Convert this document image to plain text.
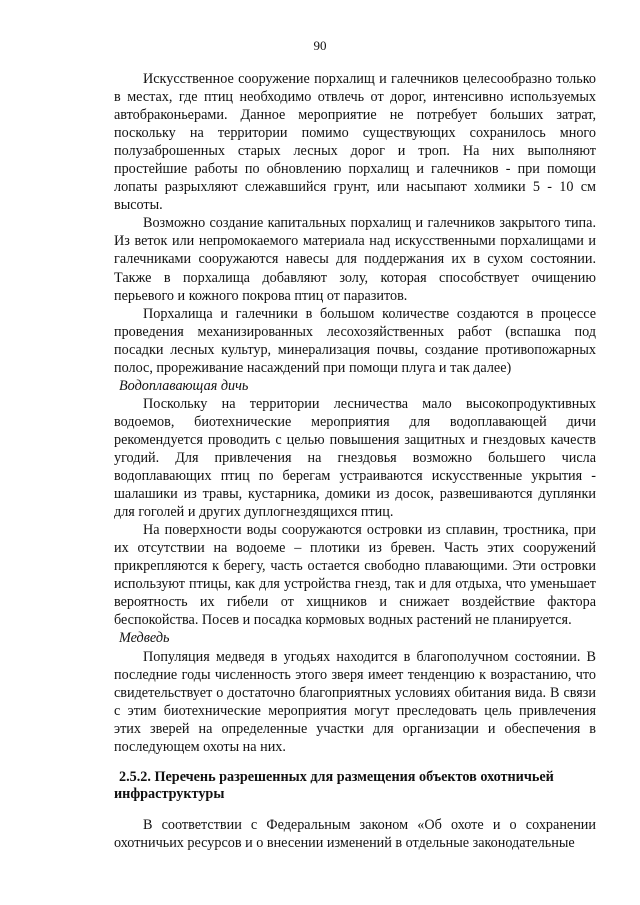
90

Искусственное сооружение порхалищ и галечников целесообразно только в местах, где птиц необходимо отвлечь от дорог, интенсивно используемых автобраконьерами. Данное мероприятие не потребует больших затрат, поскольку на территории помимо существующих сохранилось много полузаброшенных старых лесных дорог и троп. На них выполняют простейшие работы по обновлению порхалищ и галечников - при помощи лопаты разрыхляют слежавшийся грунт, или насыпают холмики 5 - 10 см высоты.

Возможно создание капитальных порхалищ и галечников закрытого типа. Из веток или непромокаемого материала над искусственными порхалищами и галечниками сооружаются навесы для поддержания их в сухом состоянии. Также в порхалища добавляют золу, которая способствует очищению перьевого и кожного покрова птиц от паразитов.

Порхалища и галечники в большом количестве создаются в процессе проведения механизированных лесохозяйственных работ (вспашка под посадки лесных культур, минерализация почвы, создание противопожарных полос, прореживание насаждений при помощи плуга и так далее)

Водоплавающая дичь

Поскольку на территории лесничества мало высокопродуктивных водоемов, биотехнические мероприятия для водоплавающей дичи рекомендуется проводить с целью повышения защитных и гнездовых качеств угодий. Для привлечения на гнездовья возможно большего числа водоплавающих птиц по берегам устраиваются искусственные укрытия - шалашики из травы, кустарника, домики из досок, развешиваются дуплянки для гоголей и других дуплогнездящихся птиц.

На поверхности воды сооружаются островки из сплавин, тростника, при их отсутствии на водоеме – плотики из бревен. Часть этих сооружений прикрепляются к берегу, часть остается свободно плавающими. Эти островки используют птицы, как для устройства гнезд, так и для отдыха, что уменьшает вероятность их гибели от хищников и снижает воздействие фактора беспокойства. Посев и посадка кормовых водных растений не планируется.

Медведь

Популяция медведя в угодьях находится в благополучном состоянии. В последние годы численность этого зверя имеет тенденцию к возрастанию, что свидетельствует о достаточно благоприятных условиях обитания вида. В связи с этим биотехнические мероприятия могут преследовать цель привлечения этих зверей на определенные участки для организации и обеспечения в последующем охоты на них.

2.5.2. Перечень разрешенных для размещения объектов охотничьей инфраструктуры

В соответствии с Федеральным законом «Об охоте и о сохранении охотничьих ресурсов и о внесении изменений в отдельные законодательные
